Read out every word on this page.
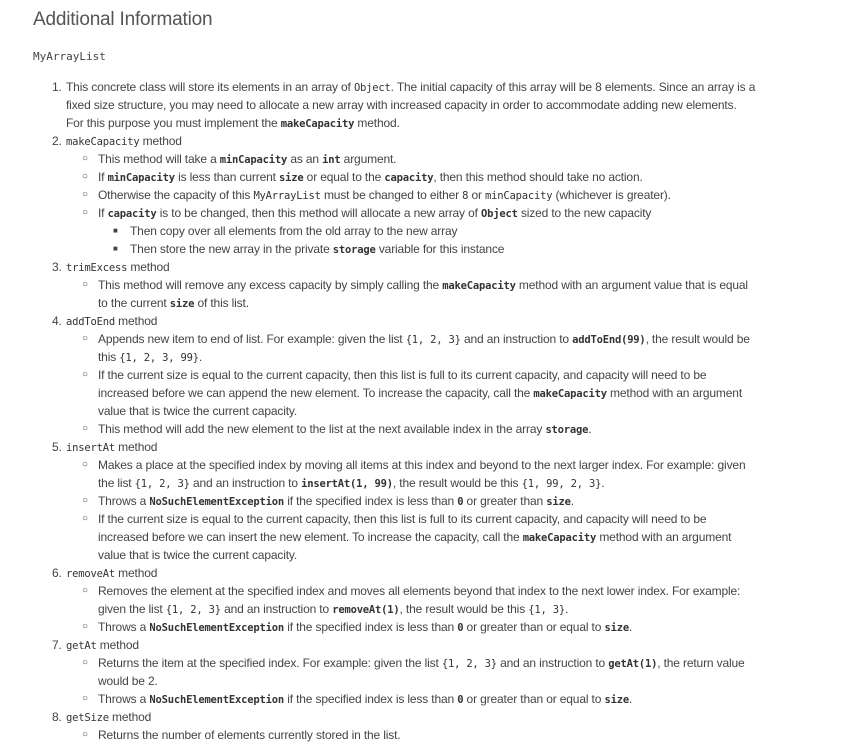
Additional Information
MyArrayList
1. This concrete class will store its elements in an array of Object. The initial capacity of this array will be 8 elements. Since an array is a
fixed size structure, you may need to allocate a new array with increased capacity in order to accommodate adding new elements.
For this purpose you must implement the makeCapacity method.
2. makeCapacity method
○ This method will take a minCapacity as an int argument.
○ If minCapacity is less than current size or equal to the capacity, then this method should take no action.
○ Otherwise the capacity of this MyArrayList must be changed to either 8 or minCapacity (whichever is greater).
○ If capacity is to be changed, then this method will allocate a new array of Object sized to the new capacity
■ Then copy over all elements from the old array to the new array
■ Then store the new array in the private storage variable for this instance
3. trimExcess method
○ This method will remove any excess capacity by simply calling the makeCapacity method with an argument value that is equal
to the current size of this list.
4. addToEnd method
○ Appends new item to end of list. For example: given the list {1, 2, 3} and an instruction to addToEnd(99), the result would be
this {1, 2, 3, 99}.
○ If the current size is equal to the current capacity, then this list is full to its current capacity, and capacity will need to be
increased before we can append the new element. To increase the capacity, call the makeCapacity method with an argument
value that is twice the current capacity.
○ This method will add the new element to the list at the next available index in the array storage.
5. insertAt method
○ Makes a place at the specified index by moving all items at this index and beyond to the next larger index. For example: given
the list {1, 2, 3} and an instruction to insertAt(1, 99), the result would be this {1, 99, 2, 3}.
○ Throws a NoSuchElementException if the specified index is less than 0 or greater than size.
○ If the current size is equal to the current capacity, then this list is full to its current capacity, and capacity will need to be
increased before we can insert the new element. To increase the capacity, call the makeCapacity method with an argument
value that is twice the current capacity.
6. removeAt method
○ Removes the element at the specified index and moves all elements beyond that index to the next lower index. For example:
given the list {1, 2, 3} and an instruction to removeAt(1), the result would be this {1, 3}.
○ Throws a NoSuchElementException if the specified index is less than 0 or greater than or equal to size.
7. getAt method
○ Returns the item at the specified index. For example: given the list {1, 2, 3} and an instruction to getAt(1), the return value
would be 2.
○ Throws a NoSuchElementException if the specified index is less than 0 or greater than or equal to size.
8. getSize method
○ Returns the number of elements currently stored in the list.
